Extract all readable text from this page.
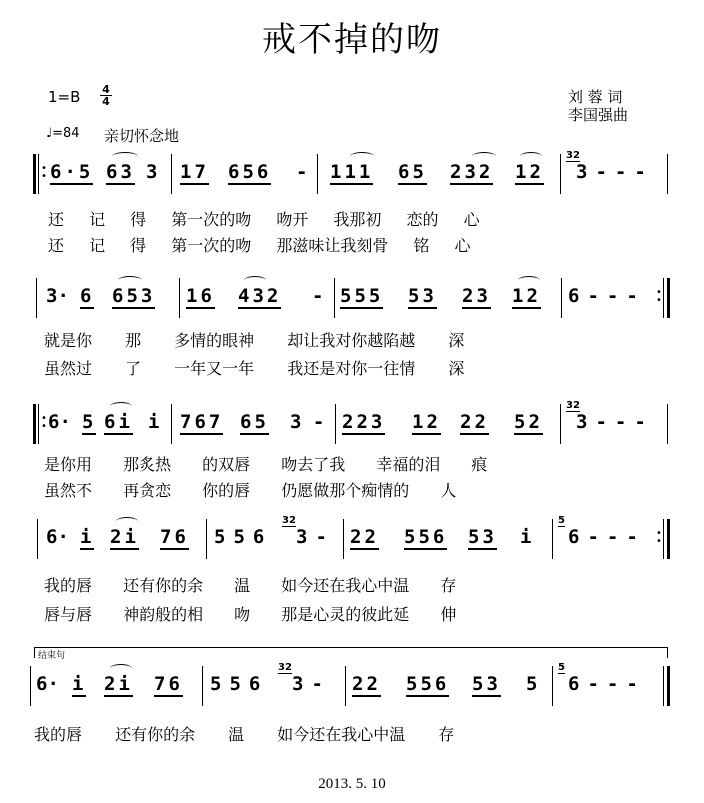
戒不掉的吻
1=B 4
4
♩=84 亲切怀念地
刘 蓉 词
李国强曲
•
• 6·5 63 3 17 656 - 111 65 232 12
32
3---
还 记 得 第一次的吻 吻开 我那初 恋的 心
还 记 得 第一次的吻 那滋味让我刻骨 铭 心
3· 6 653 16 432 - 555 53 23 12 6--- •
•
就是你 那 多情的眼神 却让我对你越陷越 深
虽然过 了 一年又一年 我还是对你一往情 深
•
• 6· 5 6i i 767 65 3 - 223 12 22 52
32
3---
是你用 那炙热 的双唇 吻去了我 幸福的泪 痕
虽然不 再贪恋 你的唇 仍愿做那个痴情的 人
6· i 2i 76 556
32
3- 22 556 53 i
5
6--- •
•
我的唇 还有你的余 温 如今还在我心中温 存
唇与唇 神韵般的相 吻 那是心灵的彼此延 伸
结束句
6· i 2i 76 556
32
3- 22 556 53 5
5
6---
我的唇 还有你的余 温 如今还在我心中温 存
2013. 5. 10
6·5 63 3 | 1 7 65 6 - | 1 1 1 6 5 23 2 1 2 | 3 - - - 3· 6 65 3 | 1 6 43 2 - | 5 5 5 5 3 2 3 1 2 | 6 - - - 6· 5 6 i i | 7 67 65 3 - | 2 23 1 2 2 2 5 2 | 3 - - - 6· i 2 i 7 6 | 5 5 6 3 - | 2 2 5 56 5 3 i | 6 - - - 6· i 2 i 7 6 | 5 5 6 3 - | 2 2 5 56 5 3 5 | 6 - - -
